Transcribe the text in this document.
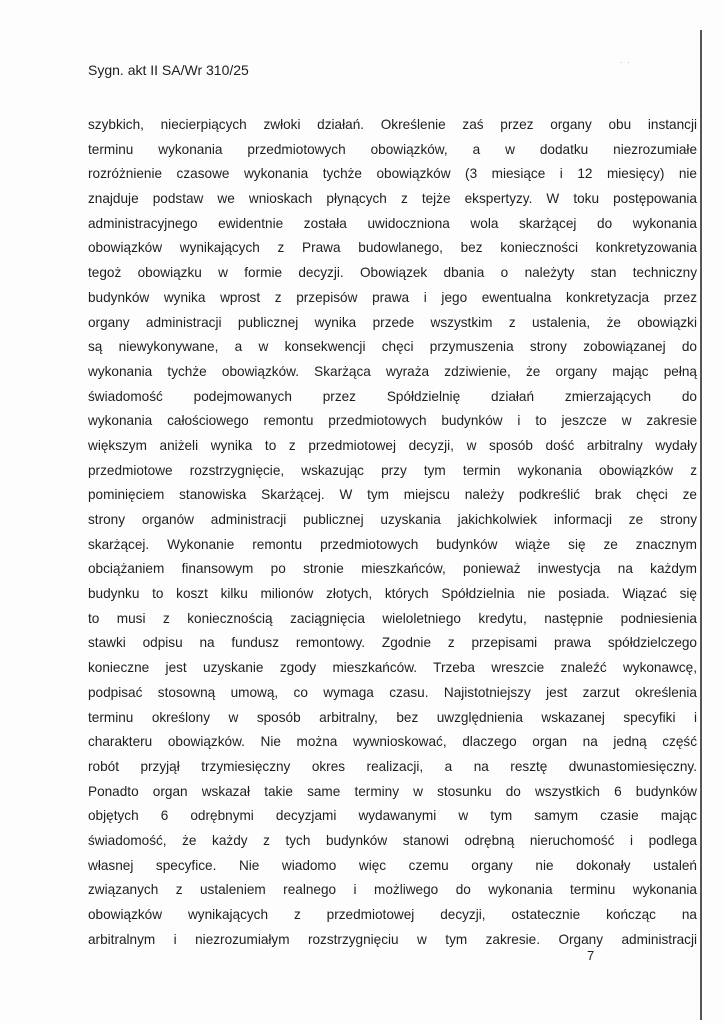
Sygn. akt II SA/Wr 310/25	·  ·
szybkich, niecierpiących zwłoki działań. Określenie zaś przez organy obu instancji
terminu wykonania przedmiotowych obowiązków, a w dodatku niezrozumiałe
rozróżnienie czasowe wykonania tychże obowiązków (3 miesiące i 12 miesięcy) nie
znajduje podstaw we wnioskach płynących z tejże ekspertyzy. W toku postępowania
administracyjnego ewidentnie została uwidoczniona wola skarżącej do wykonania
obowiązków wynikających z Prawa budowlanego, bez konieczności konkretyzowania
tegoż obowiązku w formie decyzji. Obowiązek dbania o należyty stan techniczny
budynków wynika wprost z przepisów prawa i jego ewentualna konkretyzacja przez
organy administracji publicznej wynika przede wszystkim z ustalenia, że obowiązki
są niewykonywane, a w konsekwencji chęci przymuszenia strony zobowiązanej do
wykonania tychże obowiązków. Skarżąca wyraża zdziwienie, że organy mając pełną
świadomość podejmowanych przez Spółdzielnię działań zmierzających do
wykonania całościowego remontu przedmiotowych budynków i to jeszcze w zakresie
większym aniżeli wynika to z przedmiotowej decyzji, w sposób dość arbitralny wydały
przedmiotowe rozstrzygnięcie, wskazując przy tym termin wykonania obowiązków z
pominięciem stanowiska Skarżącej. W tym miejscu należy podkreślić brak chęci ze
strony organów administracji publicznej uzyskania jakichkolwiek informacji ze strony
skarżącej. Wykonanie remontu przedmiotowych budynków wiąże się ze znacznym
obciążaniem finansowym po stronie mieszkańców, ponieważ inwestycja na każdym
budynku to koszt kilku milionów złotych, których Spółdzielnia nie posiada. Wiązać się
to musi z koniecznością zaciągnięcia wieloletniego kredytu, następnie podniesienia
stawki odpisu na fundusz remontowy. Zgodnie z przepisami prawa spółdzielczego
konieczne jest uzyskanie zgody mieszkańców. Trzeba wreszcie znaleźć wykonawcę,
podpisać stosowną umową, co wymaga czasu. Najistotniejszy jest zarzut określenia
terminu określony w sposób arbitralny, bez uwzględnienia wskazanej specyfiki i
charakteru obowiązków. Nie można wywnioskować, dlaczego organ na jedną część
robót przyjął trzymiesięczny okres realizacji, a na resztę dwunastomiesięczny.
Ponadto organ wskazał takie same terminy w stosunku do wszystkich 6 budynków
objętych 6 odrębnymi decyzjami wydawanymi w tym samym czasie mając
świadomość, że każdy z tych budynków stanowi odrębną nieruchomość i podlega
własnej specyfice. Nie wiadomo więc czemu organy nie dokonały ustaleń
związanych z ustaleniem realnego i możliwego do wykonania terminu wykonania
obowiązków wynikających z przedmiotowej decyzji, ostatecznie kończąc na
arbitralnym i niezrozumiałym rozstrzygnięciu w tym zakresie. Organy administracji
7
